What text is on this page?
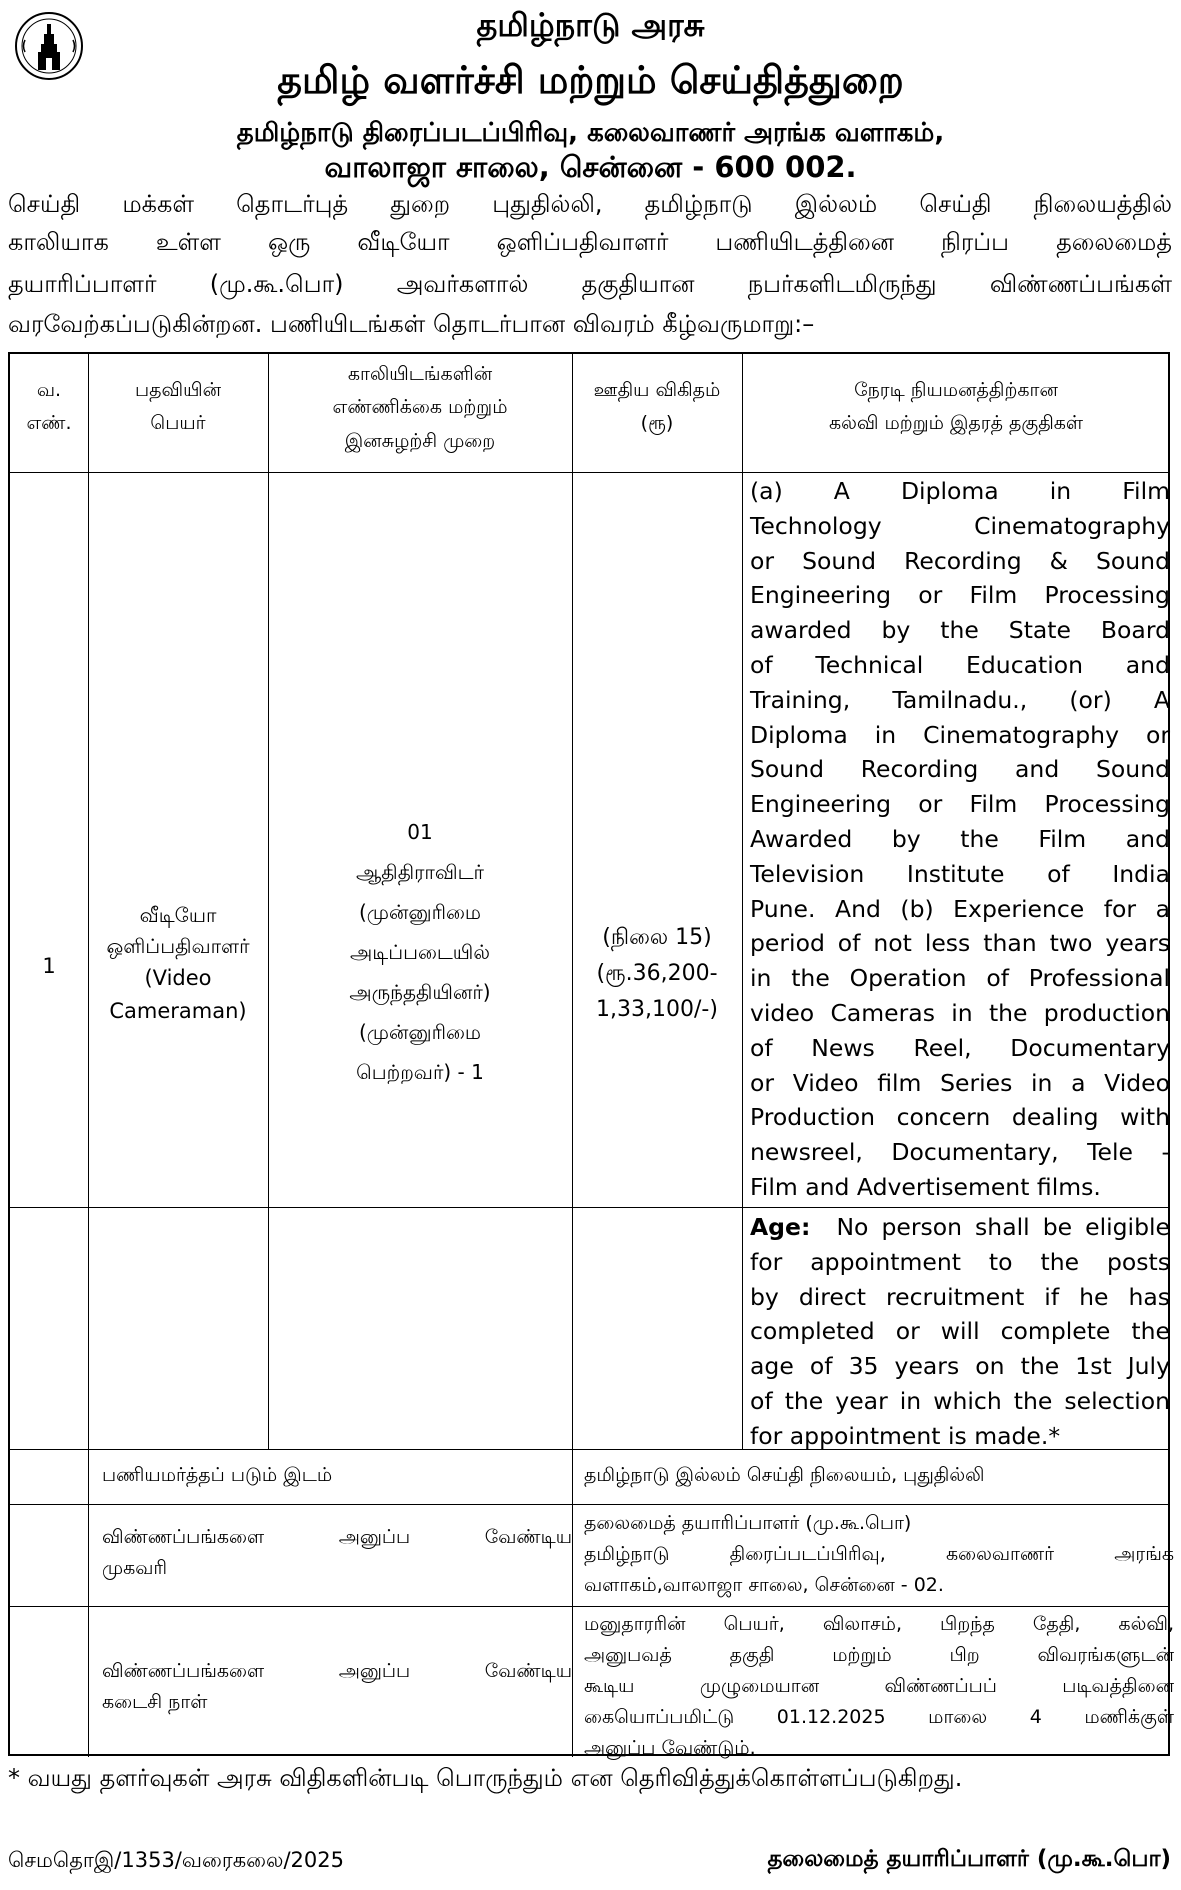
தமிழ்நாடு அரசு
தமிழ் வளர்ச்சி மற்றும் செய்தித்துறை
தமிழ்நாடு திரைப்படப்பிரிவு, கலைவாணர் அரங்க வளாகம்,
வாலாஜா சாலை, சென்னை - 600 002.
செய்தி மக்கள் தொடர்புத் துறை புதுதில்லி, தமிழ்நாடு இல்லம் செய்தி நிலையத்தில்
காலியாக உள்ள ஒரு வீடியோ ஒளிப்பதிவாளர் பணியிடத்தினை நிரப்ப தலைமைத்
தயாரிப்பாளர் (மு.கூ.பொ) அவர்களால் தகுதியான நபர்களிடமிருந்து விண்ணப்பங்கள்
வரவேற்கப்படுகின்றன. பணியிடங்கள் தொடர்பான விவரம் கீழ்வருமாறு:–
வ.
எண்.
பதவியின்
பெயர்
காலியிடங்களின்
எண்ணிக்கை மற்றும்
இனசுழற்சி முறை
ஊதிய விகிதம்
(ரூ)
நேரடி நியமனத்திற்கான
கல்வி மற்றும் இதரத் தகுதிகள்
1
வீடியோ
ஒளிப்பதிவாளர்
(Video
Cameraman)
01
ஆதிதிராவிடர்
(முன்னுரிமை
அடிப்படையில்
அருந்ததியினர்)
(முன்னுரிமை
பெற்றவர்) - 1
(நிலை 15)
(ரூ.36,200-
1,33,100/-)
(a) A Diploma in Film
Technology Cinematography
or Sound Recording & Sound
Engineering or Film Processing
awarded by the State Board
of Technical Education and
Training, Tamilnadu., (or) A
Diploma in Cinematography or
Sound Recording and Sound
Engineering or Film Processing
Awarded by the Film and
Television Institute of India
Pune. And (b) Experience for a
period of not less than two years
in the Operation of Professional
video Cameras in the production
of News Reel, Documentary
or Video film Series in a Video
Production concern dealing with
newsreel, Documentary, Tele -
Film and Advertisement films.
Age: No person shall be eligible
for appointment to the posts
by direct recruitment if he has
completed or will complete the
age of 35 years on the 1st July
of the year in which the selection
for appointment is made.*
பணியமர்த்தப் படும் இடம்	தமிழ்நாடு இல்லம் செய்தி நிலையம், புதுதில்லி
விண்ணப்பங்களை அனுப்ப வேண்டிய
முகவரி
தலைமைத் தயாரிப்பாளர் (மு.கூ.பொ)
தமிழ்நாடு திரைப்படப்பிரிவு, கலைவாணர் அரங்க
வளாகம்,வாலாஜா சாலை, சென்னை - 02.
விண்ணப்பங்களை அனுப்ப வேண்டிய
கடைசி நாள்
மனுதாரரின் பெயர், விலாசம், பிறந்த தேதி, கல்வி,
அனுபவத் தகுதி மற்றும் பிற விவரங்களுடன்
கூடிய முழுமையான விண்ணப்பப் படிவத்தினை
கையொப்பமிட்டு 01.12.2025 மாலை 4 மணிக்குள்
அனுப்ப வேண்டும்.
* வயது தளர்வுகள் அரசு விதிகளின்படி பொருந்தும் என தெரிவித்துக்கொள்ளப்படுகிறது.
செமதொஇ/1353/வரைகலை/2025	தலைமைத் தயாரிப்பாளர் (மு.கூ.பொ)
